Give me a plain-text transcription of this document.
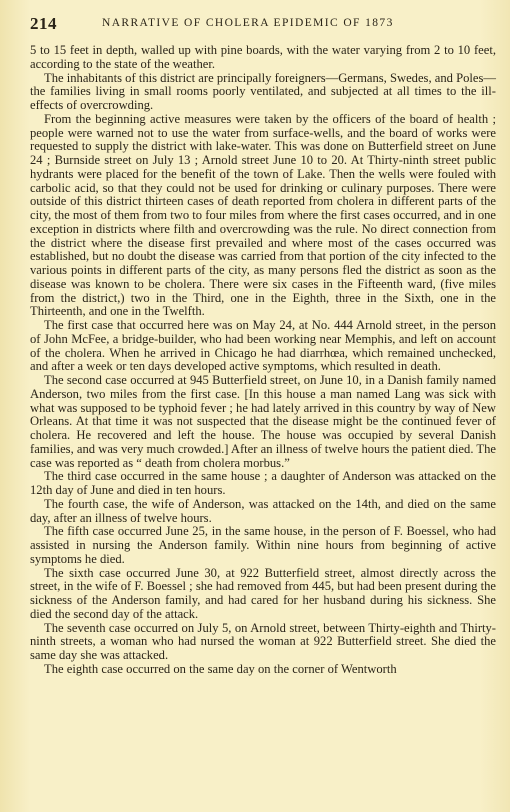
214	NARRATIVE OF CHOLERA EPIDEMIC OF 1873

5 to 15 feet in depth, walled up with pine boards, with the water varying from 2 to 10 feet, according to the state of the weather.

The inhabitants of this district are principally foreigners—Germans, Swedes, and Poles—the families living in small rooms poorly ventilated, and subjected at all times to the ill-effects of overcrowding.

From the beginning active measures were taken by the officers of the board of health ; people were warned not to use the water from surface-wells, and the board of works were requested to supply the district with lake-water. This was done on Butterfield street on June 24 ; Burnside street on July 13 ; Arnold street June 10 to 20. At Thirty-ninth street public hydrants were placed for the benefit of the town of Lake. Then the wells were fouled with carbolic acid, so that they could not be used for drinking or culinary purposes. There were outside of this district thirteen cases of death reported from cholera in different parts of the city, the most of them from two to four miles from where the first cases occurred, and in one exception in districts where filth and overcrowding was the rule. No direct connection from the district where the disease first prevailed and where most of the cases occurred was established, but no doubt the disease was carried from that portion of the city infected to the various points in different parts of the city, as many persons fled the district as soon as the disease was known to be cholera. There were six cases in the Fifteenth ward, (five miles from the district,) two in the Third, one in the Eighth, three in the Sixth, one in the Thirteenth, and one in the Twelfth.

The first case that occurred here was on May 24, at No. 444 Arnold street, in the person of John McFee, a bridge-builder, who had been working near Memphis, and left on account of the cholera. When he arrived in Chicago he had diarrhœa, which remained unchecked, and after a week or ten days developed active symptoms, which resulted in death.

The second case occurred at 945 Butterfield street, on June 10, in a Danish family named Anderson, two miles from the first case. [In this house a man named Lang was sick with what was supposed to be typhoid fever ; he had lately arrived in this country by way of New Orleans. At that time it was not suspected that the disease might be the continued fever of cholera. He recovered and left the house. The house was occupied by several Danish families, and was very much crowded.] After an illness of twelve hours the patient died. The case was reported as “ death from cholera morbus.”

The third case occurred in the same house ; a daughter of Anderson was attacked on the 12th day of June and died in ten hours.

The fourth case, the wife of Anderson, was attacked on the 14th, and died on the same day, after an illness of twelve hours.

The fifth case occurred June 25, in the same house, in the person of F. Boessel, who had assisted in nursing the Anderson family. Within nine hours from beginning of active symptoms he died.

The sixth case occurred June 30, at 922 Butterfield street, almost directly across the street, in the wife of F. Boessel ; she had removed from 445, but had been present during the sickness of the Anderson family, and had cared for her husband during his sickness. She died the second day of the attack.

The seventh case occurred on July 5, on Arnold street, between Thirty-eighth and Thirty-ninth streets, a woman who had nursed the woman at 922 Butterfield street. She died the same day she was attacked.

The eighth case occurred on the same day on the corner of Wentworth
